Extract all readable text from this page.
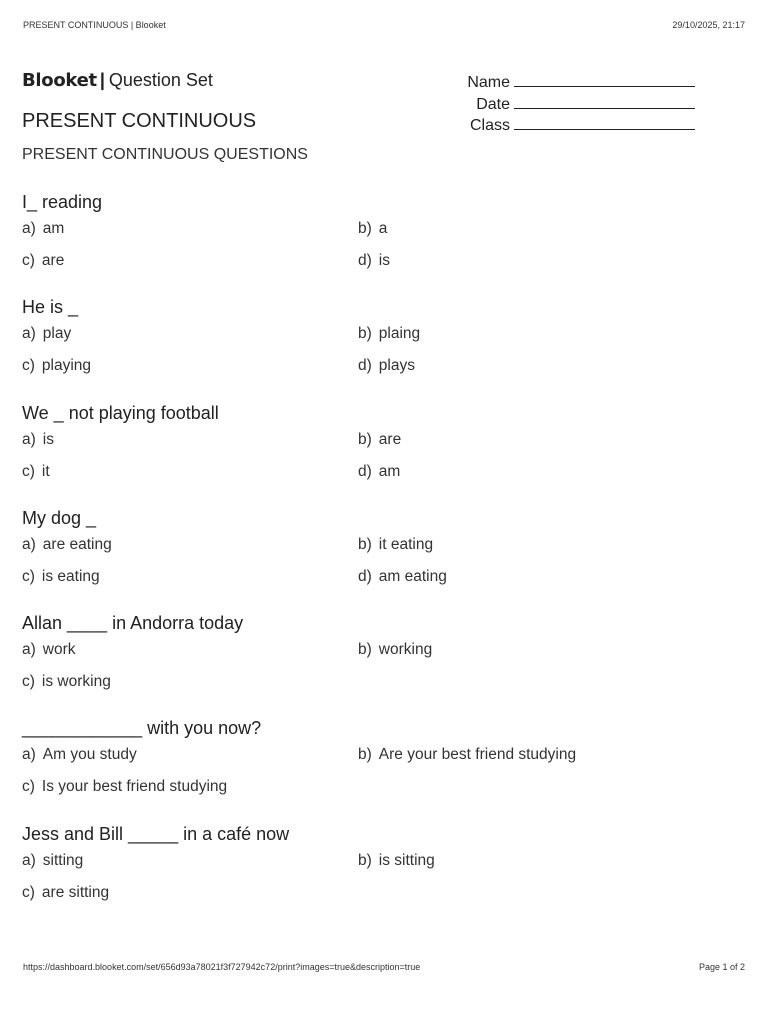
PRESENT CONTINUOUS | Blooket	29/10/2025, 21:17
Blooket | Question Set
PRESENT CONTINUOUS
PRESENT CONTINUOUS QUESTIONS
Name
Date
Class
I_ reading
a) am	b) a
c) are	d) is
He is _
a) play	b) plaing
c) playing	d) plays
We _ not playing football
a) is	b) are
c) it	d) am
My dog _
a) are eating	b) it eating
c) is eating	d) am eating
Allan ____ in Andorra today
a) work	b) working
c) is working
____________ with you now?
a) Am you study	b) Are your best friend studying
c) Is your best friend studying
Jess and Bill _____ in a café now
a) sitting	b) is sitting
c) are sitting
https://dashboard.blooket.com/set/656d93a78021f3f727942c72/print?images=true&description=true	Page 1 of 2
